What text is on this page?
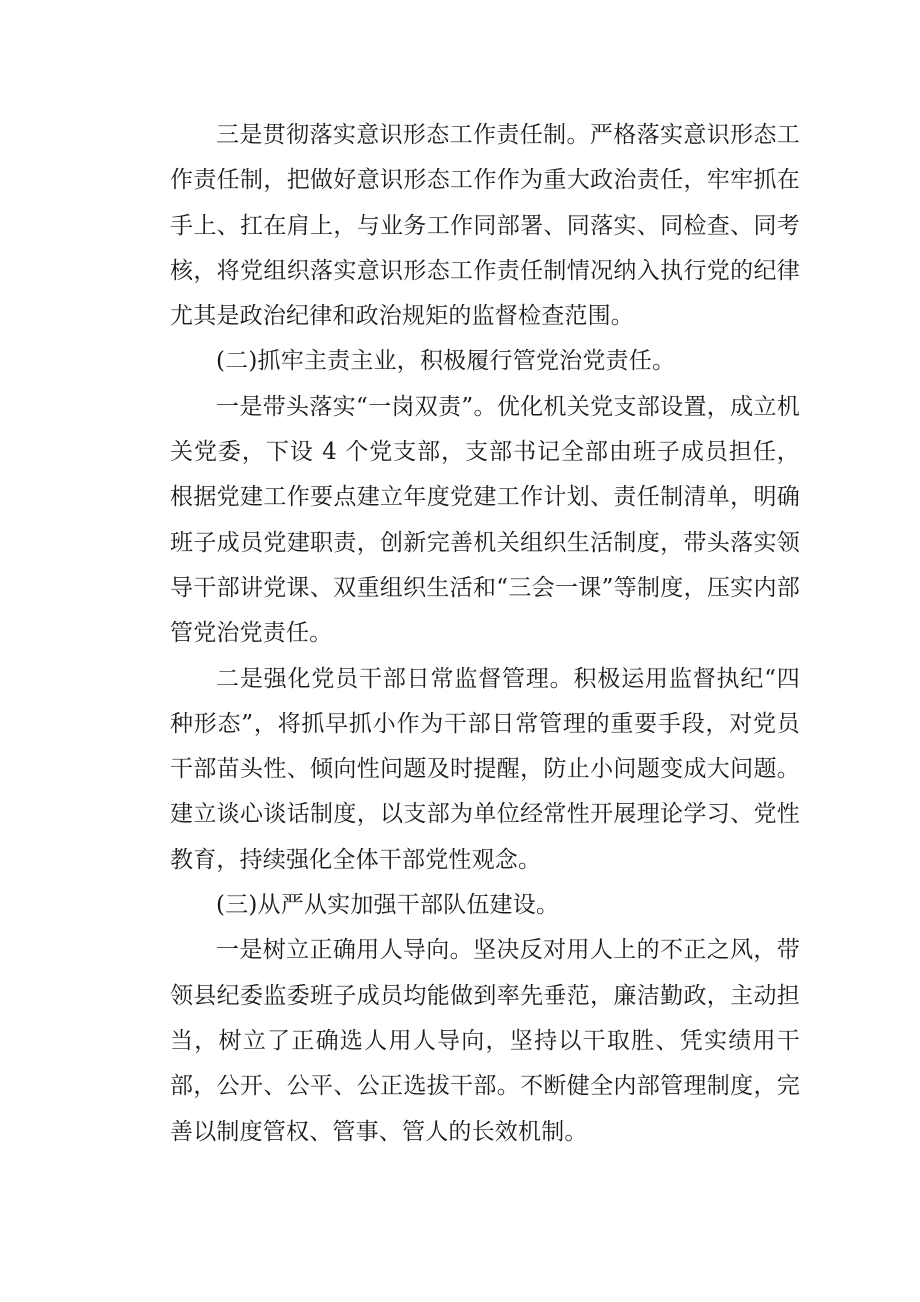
三是贯彻落实意识形态工作责任制。严格落实意识形态工作责任制，把做好意识形态工作作为重大政治责任，牢牢抓在手上、扛在肩上，与业务工作同部署、同落实、同检查、同考核，将党组织落实意识形态工作责任制情况纳入执行党的纪律尤其是政治纪律和政治规矩的监督检查范围。

(二)抓牢主责主业，积极履行管党治党责任。

一是带头落实“一岗双责”。优化机关党支部设置，成立机关党委，下设 4 个党支部，支部书记全部由班子成员担任，根据党建工作要点建立年度党建工作计划、责任制清单，明确班子成员党建职责，创新完善机关组织生活制度，带头落实领导干部讲党课、双重组织生活和“三会一课”等制度，压实内部管党治党责任。

二是强化党员干部日常监督管理。积极运用监督执纪“四种形态”，将抓早抓小作为干部日常管理的重要手段，对党员干部苗头性、倾向性问题及时提醒，防止小问题变成大问题。建立谈心谈话制度，以支部为单位经常性开展理论学习、党性教育，持续强化全体干部党性观念。

(三)从严从实加强干部队伍建设。

一是树立正确用人导向。坚决反对用人上的不正之风，带领县纪委监委班子成员均能做到率先垂范，廉洁勤政，主动担当，树立了正确选人用人导向，坚持以干取胜、凭实绩用干部，公开、公平、公正选拔干部。不断健全内部管理制度，完善以制度管权、管事、管人的长效机制。
